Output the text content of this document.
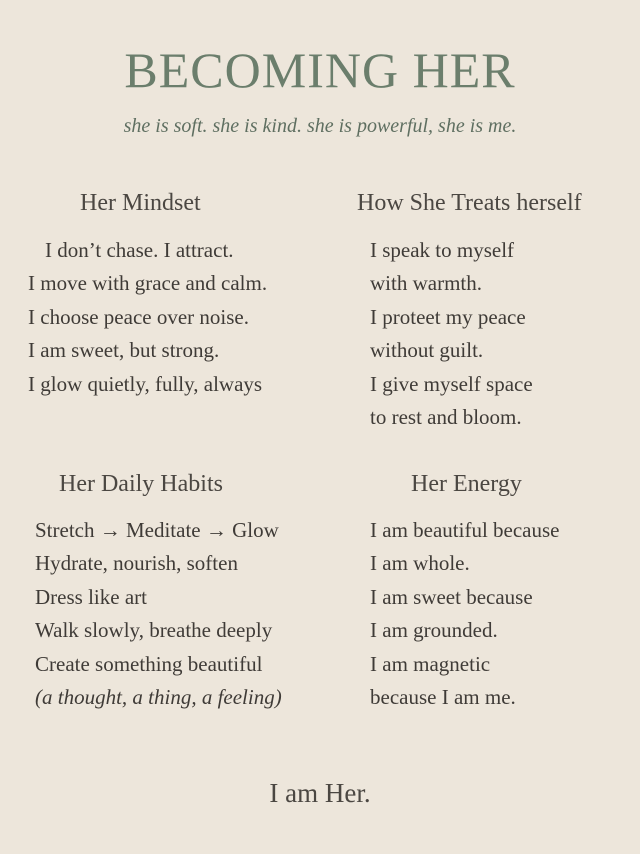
BECOMING HER
she is soft. she is kind. she is powerful, she is me.
Her Mindset
I don’t chase. I attract.
I move with grace and calm.
I choose peace over noise.
I am sweet, but strong.
I glow quietly, fully, always
How She Treats herself
I speak to myself
with warmth.
I proteet my peace
without guilt.
I give myself space
to rest and bloom.
Her Daily Habits
Stretch → Meditate → Glow
Hydrate, nourish, soften
Dress like art
Walk slowly, breathe deeply
Create something beautiful
(a thought, a thing, a feeling)
Her Energy
I am beautiful because
I am whole.
I am sweet because
I am grounded.
I am magnetic
because I am me.
I am Her.
